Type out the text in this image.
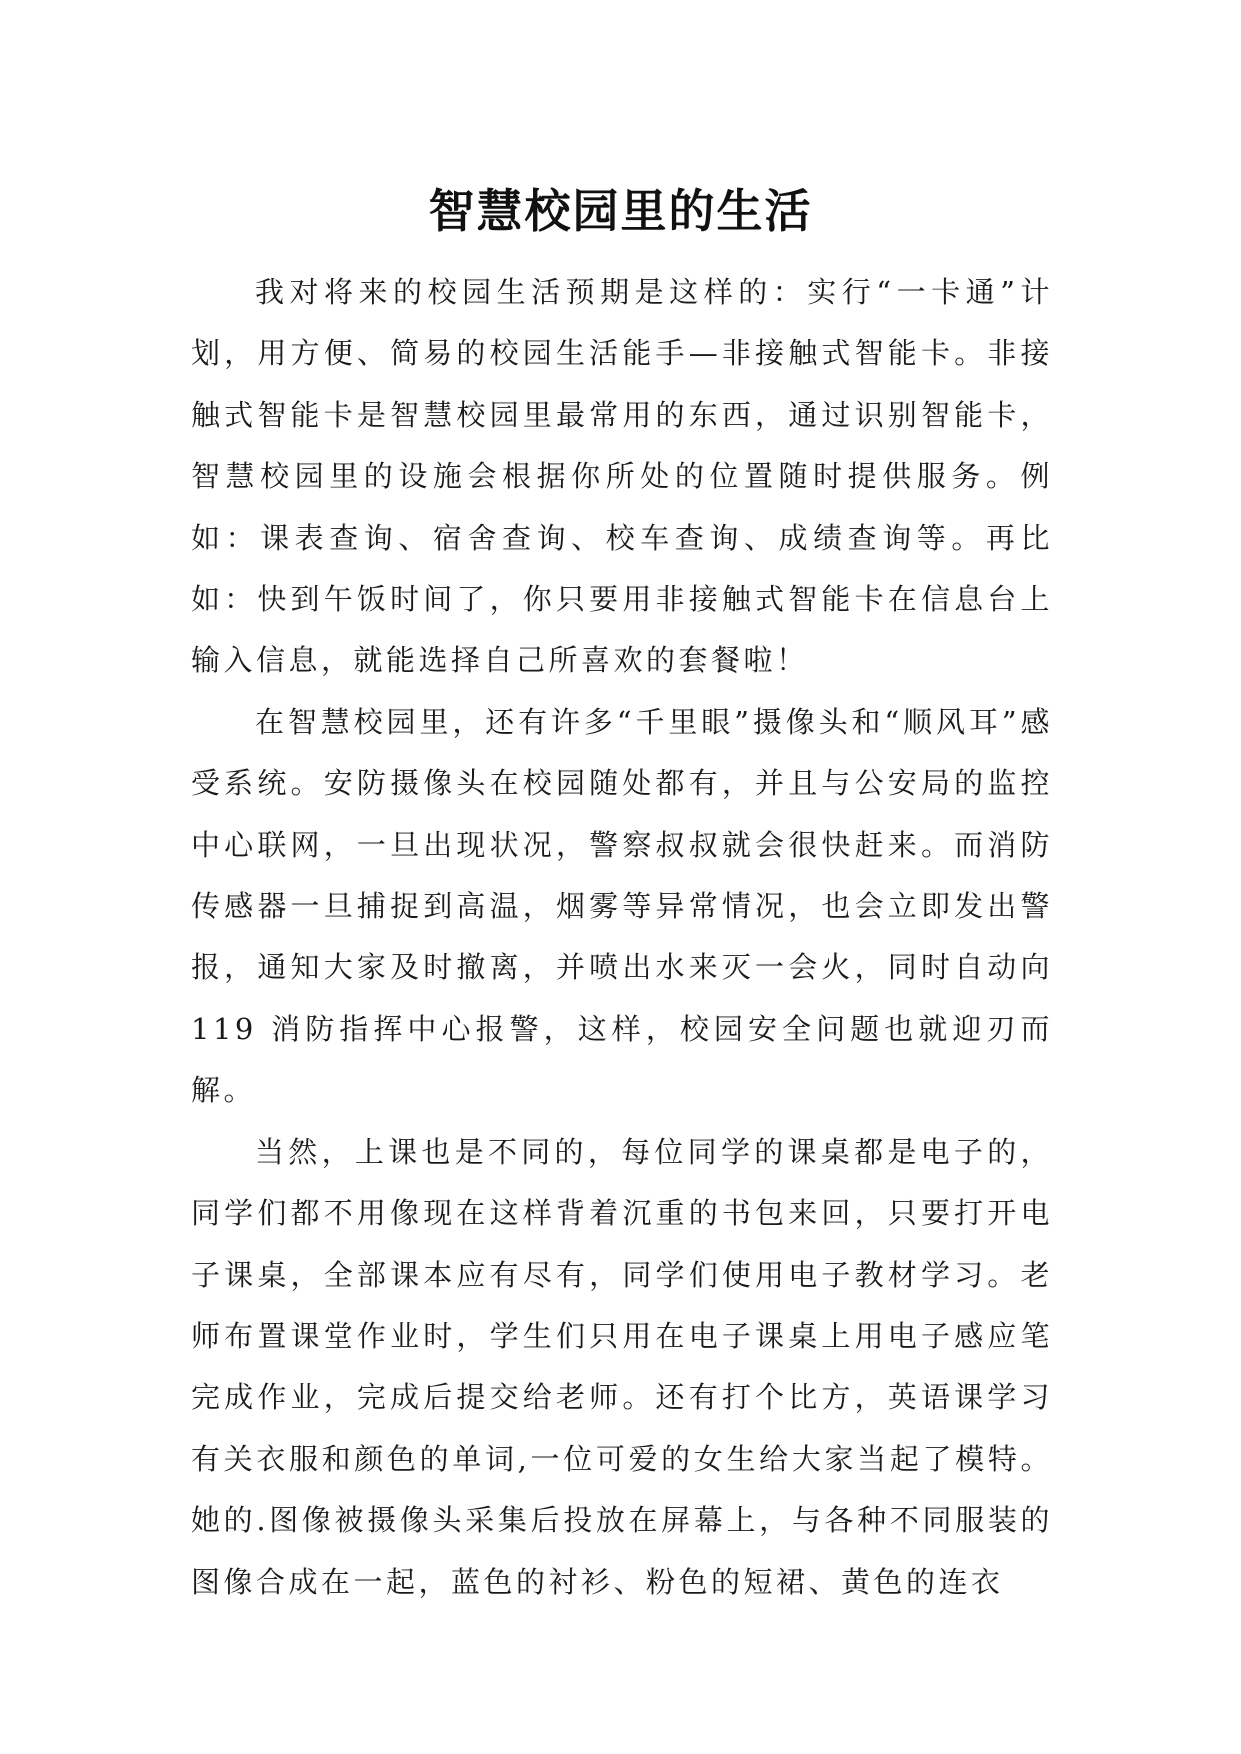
智慧校园里的生活

我对将来的校园生活预期是这样的：实行“一卡通”计划，用方便、简易的校园生活能手—非接触式智能卡。非接触式智能卡是智慧校园里最常用的东西，通过识别智能卡，智慧校园里的设施会根据你所处的位置随时提供服务。例如：课表查询、宿舍查询、校车查询、成绩查询等。再比如：快到午饭时间了，你只要用非接触式智能卡在信息台上输入信息，就能选择自己所喜欢的套餐啦！

在智慧校园里，还有许多“千里眼”摄像头和“顺风耳”感受系统。安防摄像头在校园随处都有，并且与公安局的监控中心联网，一旦出现状况，警察叔叔就会很快赶来。而消防传感器一旦捕捉到高温，烟雾等异常情况，也会立即发出警报，通知大家及时撤离，并喷出水来灭一会火，同时自动向 119 消防指挥中心报警，这样，校园安全问题也就迎刃而解。

当然，上课也是不同的，每位同学的课桌都是电子的，同学们都不用像现在这样背着沉重的书包来回，只要打开电子课桌，全部课本应有尽有，同学们使用电子教材学习。老师布置课堂作业时，学生们只用在电子课桌上用电子感应笔完成作业，完成后提交给老师。还有打个比方，英语课学习有关衣服和颜色的单词,一位可爱的女生给大家当起了模特。她的.图像被摄像头采集后投放在屏幕上，与各种不同服装的图像合成在一起，蓝色的衬衫、粉色的短裙、黄色的连衣
